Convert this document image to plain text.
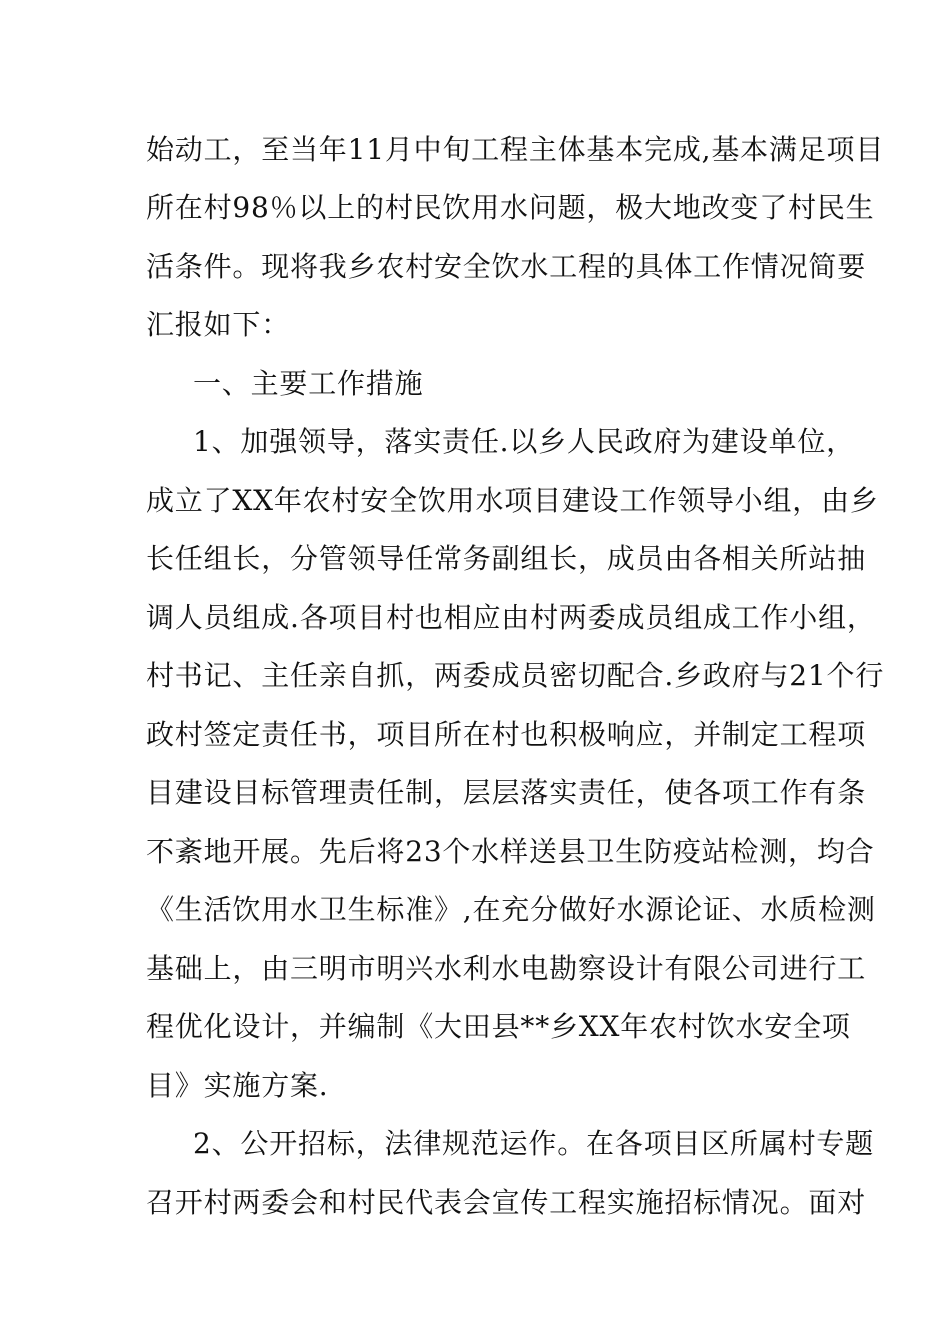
始动工，至当年11月中旬工程主体基本完成,基本满足项目
所在村98％以上的村民饮用水问题，极大地改变了村民生
活条件。现将我乡农村安全饮水工程的具体工作情况简要
汇报如下：
一、主要工作措施
1、加强领导，落实责任.以乡人民政府为建设单位，
成立了XX年农村安全饮用水项目建设工作领导小组，由乡
长任组长，分管领导任常务副组长，成员由各相关所站抽
调人员组成.各项目村也相应由村两委成员组成工作小组，
村书记、主任亲自抓，两委成员密切配合.乡政府与21个行
政村签定责任书，项目所在村也积极响应，并制定工程项
目建设目标管理责任制，层层落实责任，使各项工作有条
不紊地开展。先后将23个水样送县卫生防疫站检测，均合
《生活饮用水卫生标准》,在充分做好水源论证、水质检测
基础上，由三明市明兴水利水电勘察设计有限公司进行工
程优化设计，并编制《大田县**乡XX年农村饮水安全项
目》实施方案.
2、公开招标，法律规范运作。在各项目区所属村专题
召开村两委会和村民代表会宣传工程实施招标情况。面对
